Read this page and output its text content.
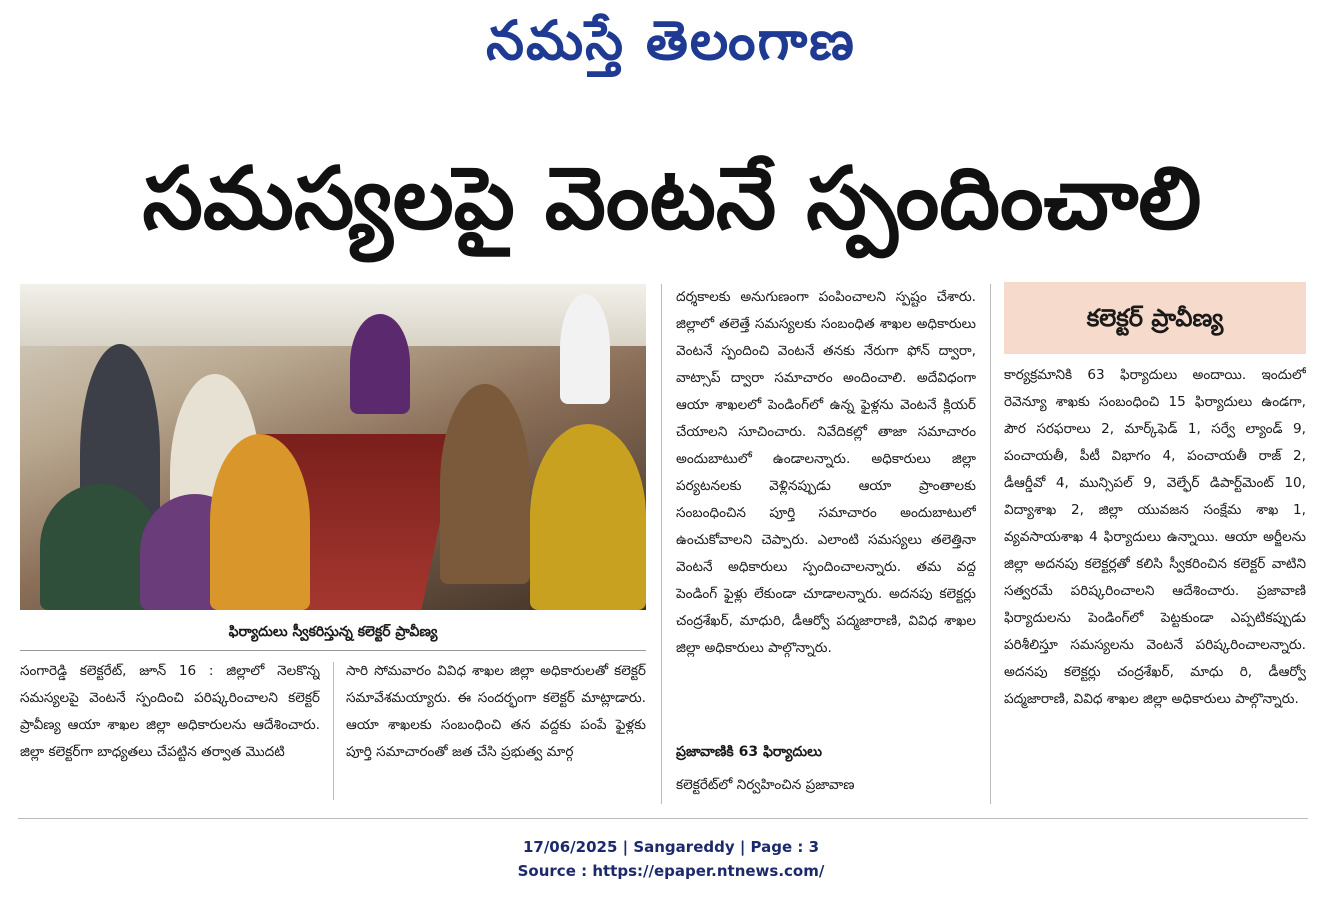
నమస్తే తెలంగాణ
సమస్యలపై వెంటనే స్పందించాలి
ఫిర్యాదులు స్వీకరిస్తున్న కలెక్టర్ ప్రావీణ్య

సంగారెడ్డి కలెక్టరేట్, జూన్ 16 : జిల్లాలో నెలకొన్న సమస్యలపై వెంటనే స్పందించి పరిష్కరించాలని కలెక్టర్ ప్రావీణ్య ఆయా శాఖల జిల్లా అధికారులను ఆదేశించారు. జిల్లా కలెక్టర్‌గా బాధ్యతలు చేపట్టిన తర్వాత మొదటి

సారి సోమవారం వివిధ శాఖల జిల్లా అధికారులతో కలెక్టర్ సమావేశమయ్యారు. ఈ సందర్భంగా కలెక్టర్ మాట్లాడారు. ఆయా శాఖలకు సంబంధించి తన వద్దకు పంపే ఫైళ్లకు పూర్తి సమాచారంతో జత చేసి ప్రభుత్వ మార్గ

దర్శకాలకు అనుగుణంగా పంపించాలని స్పష్టం చేశారు. జిల్లాలో తలెత్తే సమస్యలకు సంబంధిత శాఖల అధికారులు వెంటనే స్పందించి వెంటనే తనకు నేరుగా ఫోన్ ద్వారా, వాట్సాప్ ద్వారా సమాచారం అందించాలి. అదేవిధంగా ఆయా శాఖలలో పెండింగ్‌లో ఉన్న ఫైళ్లను వెంటనే క్లియర్ చేయాలని సూచించారు. నివేదికల్లో తాజా సమాచారం అందుబాటులో ఉండాలన్నారు. అధికారులు జిల్లా పర్యటనలకు వెళ్లినప్పుడు ఆయా ప్రాంతాలకు సంబంధించిన పూర్తి సమాచారం అందుబాటులో ఉంచుకోవాలని చెప్పారు. ఎలాంటి సమస్యలు తలెత్తినా వెంటనే అధికారులు స్పందించాలన్నారు. తమ వద్ద పెండింగ్ ఫైళ్లు లేకుండా చూడాలన్నారు. అదనపు కలెక్టర్లు చంద్రశేఖర్, మాధురి, డీఆర్వో పద్మజారాణి, వివిధ శాఖల జిల్లా అధికారులు పాల్గొన్నారు.

ప్రజావాణికి 63 ఫిర్యాదులు

కలెక్టరేట్‌లో నిర్వహించిన ప్రజావాణ

కలెక్టర్ ప్రావీణ్య

కార్యక్రమానికి 63 ఫిర్యాదులు అందాయి. ఇందులో రెవెన్యూ శాఖకు సంబంధించి 15 ఫిర్యాదులు ఉండగా, పౌర సరఫరాలు 2, మార్క్‌ఫెడ్ 1, సర్వే ల్యాండ్ 9, పంచాయతీ, పీటీ విభాగం 4, పంచాయతీ రాజ్ 2, డీఆర్డీవో 4, మున్సిపల్ 9, వెల్ఫేర్ డిపార్ట్‌మెంట్ 10, విద్యాశాఖ 2, జిల్లా యువజన సంక్షేమ శాఖ 1, వ్యవసాయశాఖ 4 ఫిర్యాదులు ఉన్నాయి. ఆయా అర్జీలను జిల్లా అదనపు కలెక్టర్లతో కలిసి స్వీకరించిన కలెక్టర్ వాటిని సత్వరమే పరిష్కరించాలని ఆదేశించారు. ప్రజావాణి ఫిర్యాదులను పెండింగ్‌లో పెట్టకుండా ఎప్పటికప్పుడు పరిశీలిస్తూ సమస్యలను వెంటనే పరిష్కరించాలన్నారు. అదనపు కలెక్టర్లు చంద్రశేఖర్, మాధు రి, డీఆర్వో పద్మజారాణి, వివిధ శాఖల జిల్లా అధికారులు పాల్గొన్నారు.

17/06/2025 | Sangareddy | Page : 3
Source : https://epaper.ntnews.com/
